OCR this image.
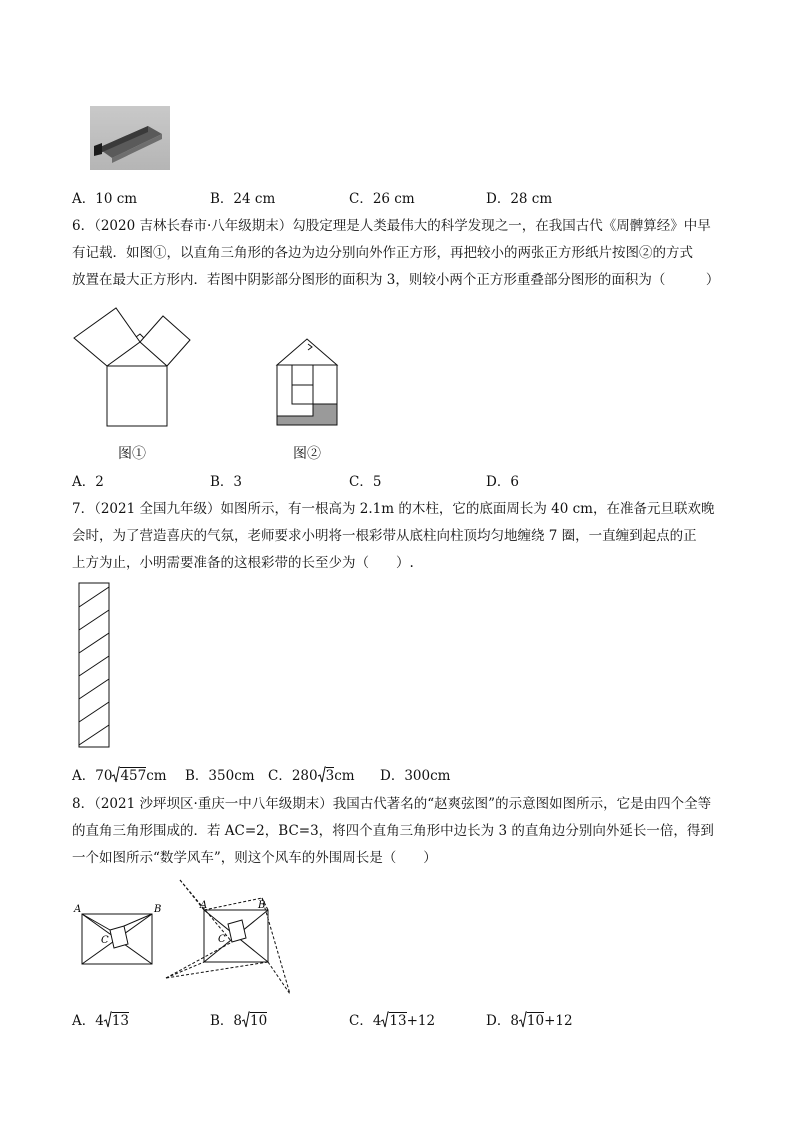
A．10 cm	B．24 cm	C．26 cm	D．28 cm
6．（2020 吉林长春市·八年级期末）勾股定理是人类最伟大的科学发现之一，在我国古代《周髀算经》中早
有记载．如图①，以直角三角形的各边为边分别向外作正方形，再把较小的两张正方形纸片按图②的方式
放置在最大正方形内．若图中阴影部分图形的面积为 3，则较小两个正方形重叠部分图形的面积为（　　　）
图①	图②
A．2	B．3	C．5	D．6
7．（2021 全国九年级）如图所示，有一根高为 2.1m 的木柱，它的底面周长为 40 cm，在准备元旦联欢晚
会时，为了营造喜庆的气氛，老师要求小明将一根彩带从底柱向柱顶均匀地缠绕 7 圈，一直缠到起点的正
上方为止，小明需要准备的这根彩带的长至少为（　　）.
A．70 457cm B．350cm C．280 3cm D．300cm
8．（2021 沙坪坝区·重庆一中八年级期末）我国古代著名的“赵爽弦图”的示意图如图所示，它是由四个全等
的直角三角形围成的．若 AC=2，BC=3，将四个直角三角形中边长为 3 的直角边分别向外延长一倍，得到
一个如图所示“数学风车”，则这个风车的外围周长是（　　）
A	B
C
A	B
C
A．4 13	B．8 10	C．4 13+12	D．8 10+12
